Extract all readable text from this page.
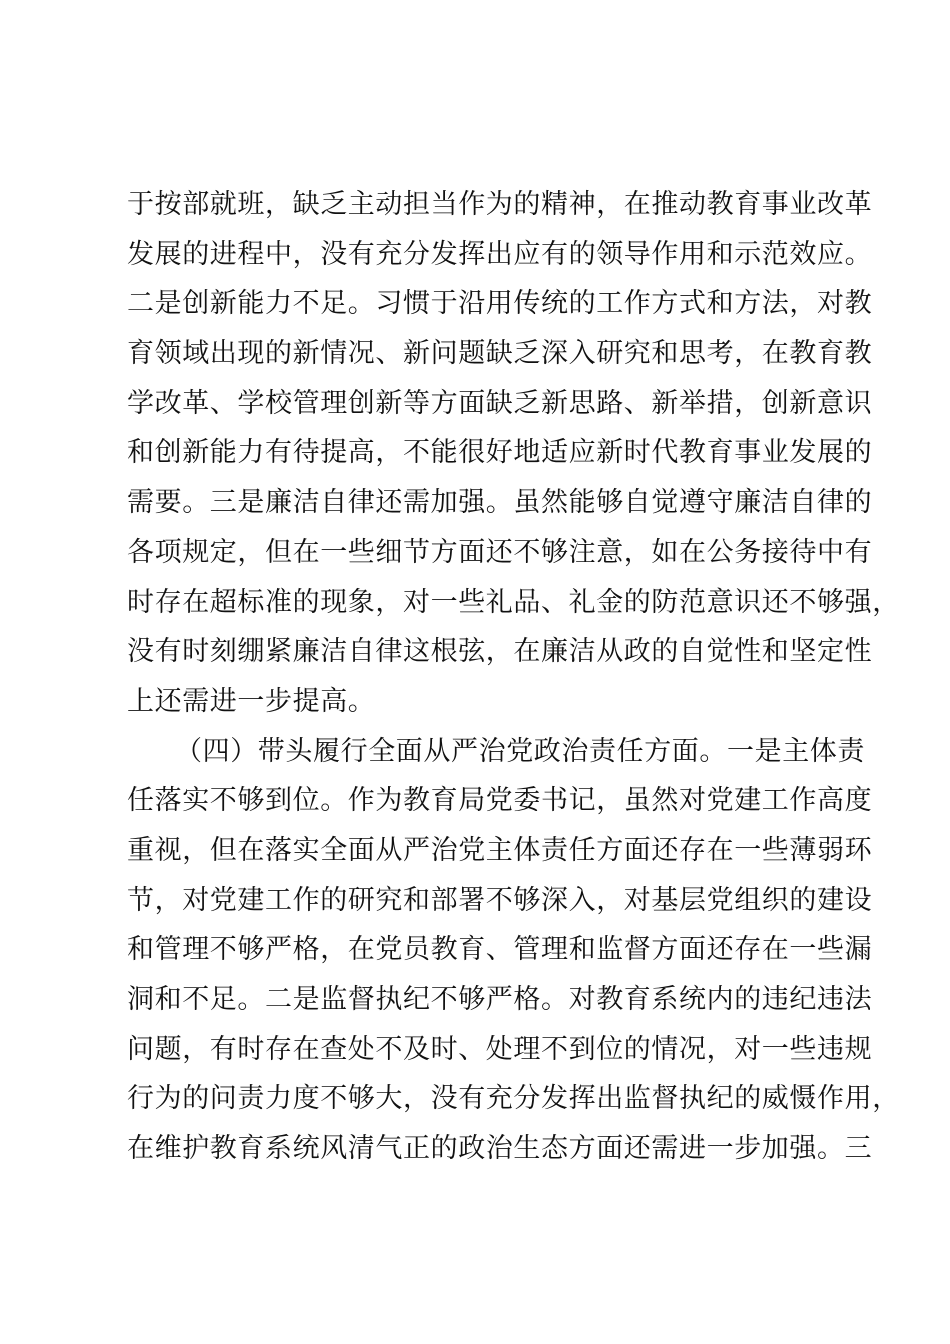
于按部就班，缺乏主动担当作为的精神，在推动教育事业改革
发展的进程中，没有充分发挥出应有的领导作用和示范效应。
二是创新能力不足。习惯于沿用传统的工作方式和方法，对教
育领域出现的新情况、新问题缺乏深入研究和思考，在教育教
学改革、学校管理创新等方面缺乏新思路、新举措，创新意识
和创新能力有待提高，不能很好地适应新时代教育事业发展的
需要。三是廉洁自律还需加强。虽然能够自觉遵守廉洁自律的
各项规定，但在一些细节方面还不够注意，如在公务接待中有
时存在超标准的现象，对一些礼品、礼金的防范意识还不够强，
没有时刻绷紧廉洁自律这根弦，在廉洁从政的自觉性和坚定性
上还需进一步提高。
（四）带头履行全面从严治党政治责任方面。一是主体责
任落实不够到位。作为教育局党委书记，虽然对党建工作高度
重视，但在落实全面从严治党主体责任方面还存在一些薄弱环
节，对党建工作的研究和部署不够深入，对基层党组织的建设
和管理不够严格，在党员教育、管理和监督方面还存在一些漏
洞和不足。二是监督执纪不够严格。对教育系统内的违纪违法
问题，有时存在查处不及时、处理不到位的情况，对一些违规
行为的问责力度不够大，没有充分发挥出监督执纪的威慑作用，
在维护教育系统风清气正的政治生态方面还需进一步加强。三
